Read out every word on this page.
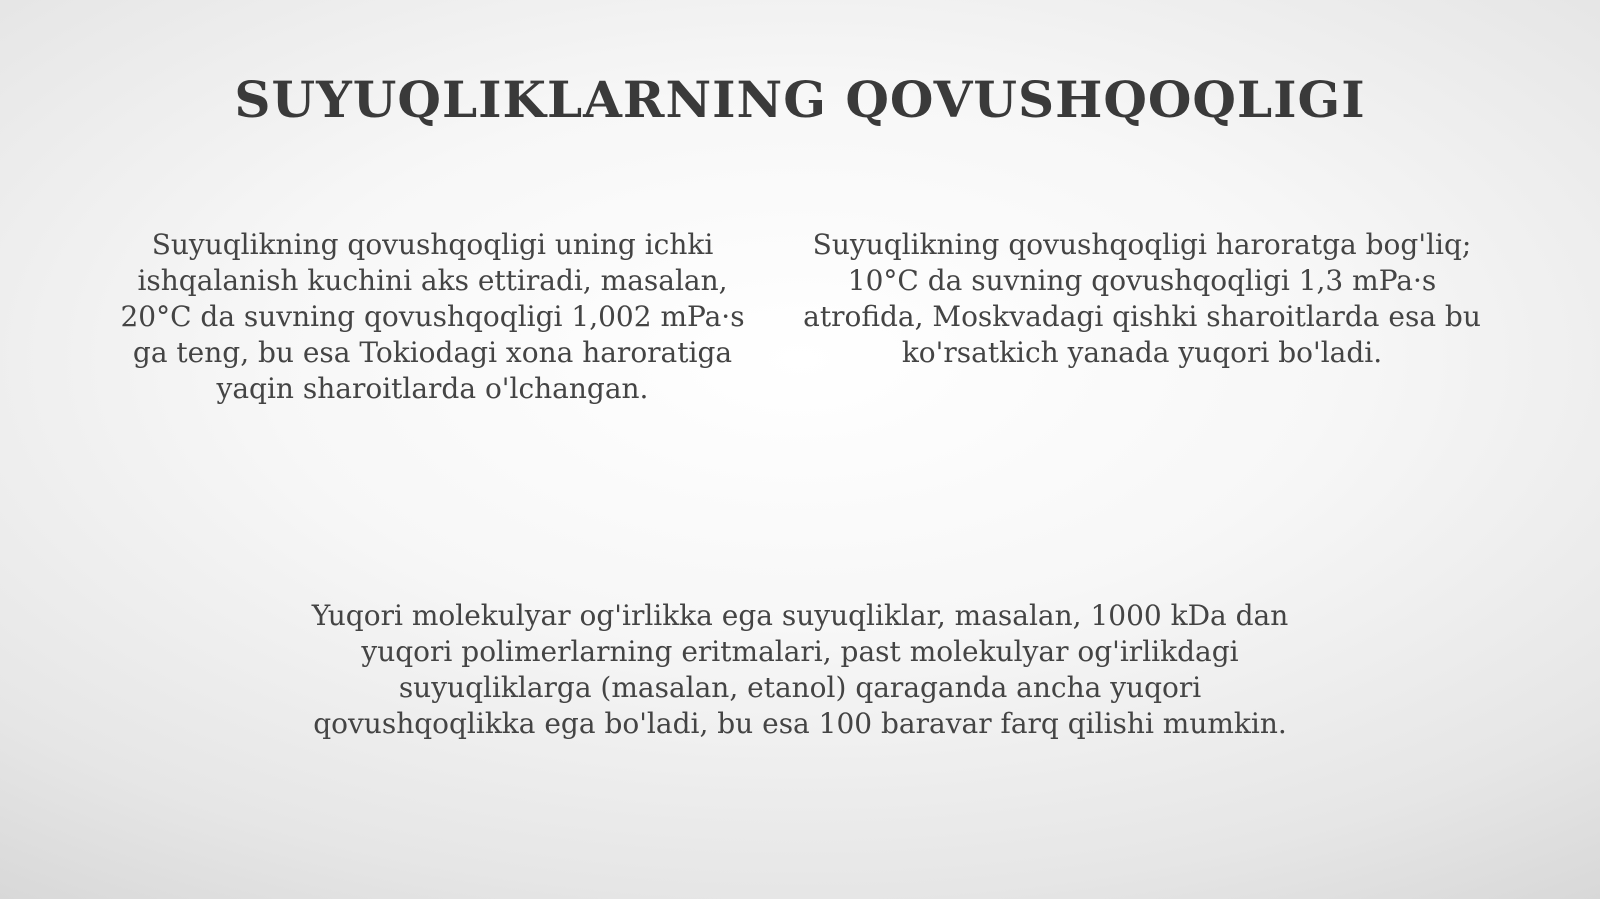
SUYUQLIKLARNING QOVUSHQOQLIGI

Suyuqlikning qovushqoqligi uning ichki
ishqalanish kuchini aks ettiradi, masalan,
20°C da suvning qovushqoqligi 1,002 mPa·s
ga teng, bu esa Tokiodagi xona haroratiga
yaqin sharoitlarda o'lchangan.

Suyuqlikning qovushqoqligi haroratga bog'liq;
10°C da suvning qovushqoqligi 1,3 mPa·s
atrofida, Moskvadagi qishki sharoitlarda esa bu
ko'rsatkich yanada yuqori bo'ladi.

Yuqori molekulyar og'irlikka ega suyuqliklar, masalan, 1000 kDa dan
yuqori polimerlarning eritmalari, past molekulyar og'irlikdagi
suyuqliklarga (masalan, etanol) qaraganda ancha yuqori
qovushqoqlikka ega bo'ladi, bu esa 100 baravar farq qilishi mumkin.
